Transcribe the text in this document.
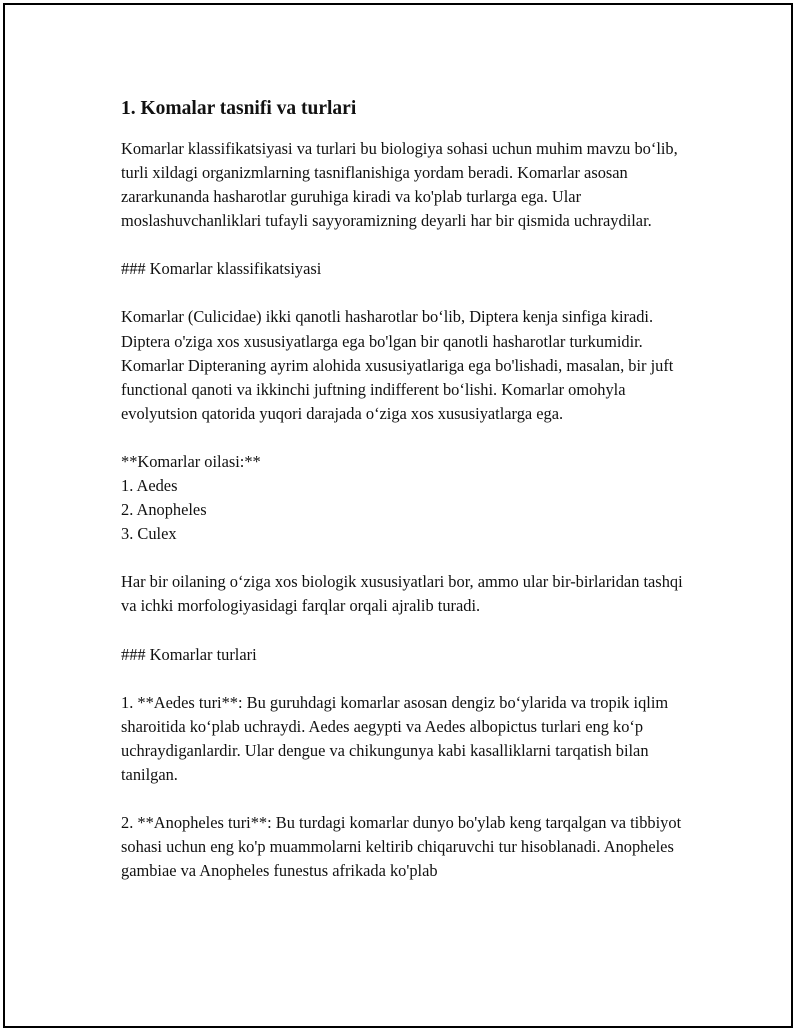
1. Komalar tasnifi va turlari

Komarlar klassifikatsiyasi va turlari bu biologiya sohasi uchun muhim mavzu bo‘lib, turli xildagi organizmlarning tasniflanishiga yordam beradi. Komarlar asosan zararkunanda hasharotlar guruhiga kiradi va ko'plab turlarga ega. Ular moslashuvchanliklari tufayli sayyoramizning deyarli har bir qismida uchraydilar.

### Komarlar klassifikatsiyasi

Komarlar (Culicidae) ikki qanotli hasharotlar bo‘lib, Diptera kenja sinfiga kiradi. Diptera o'ziga xos xususiyatlarga ega bo'lgan bir qanotli hasharotlar turkumidir. Komarlar Dipteraning ayrim alohida xususiyatlariga ega bo'lishadi, masalan, bir juft functional qanoti va ikkinchi juftning indifferent bo‘lishi. Komarlar omohyla evolyutsion qatorida yuqori darajada o‘ziga xos xususiyatlarga ega.

**Komarlar oilasi:**
1. Aedes
2. Anopheles
3. Culex

Har bir oilaning o‘ziga xos biologik xususiyatlari bor, ammo ular bir-birlaridan tashqi va ichki morfologiyasidagi farqlar orqali ajralib turadi.

### Komarlar turlari

1. **Aedes turi**: Bu guruhdagi komarlar asosan dengiz bo‘ylarida va tropik iqlim sharoitida ko‘plab uchraydi. Aedes aegypti va Aedes albopictus turlari eng ko‘p uchraydiganlardir. Ular dengue va chikungunya kabi kasalliklarni tarqatish bilan tanilgan.

2. **Anopheles turi**: Bu turdagi komarlar dunyo bo'ylab keng tarqalgan va tibbiyot sohasi uchun eng ko'p muammolarni keltirib chiqaruvchi tur hisoblanadi. Anopheles gambiae va Anopheles funestus afrikada ko'plab
